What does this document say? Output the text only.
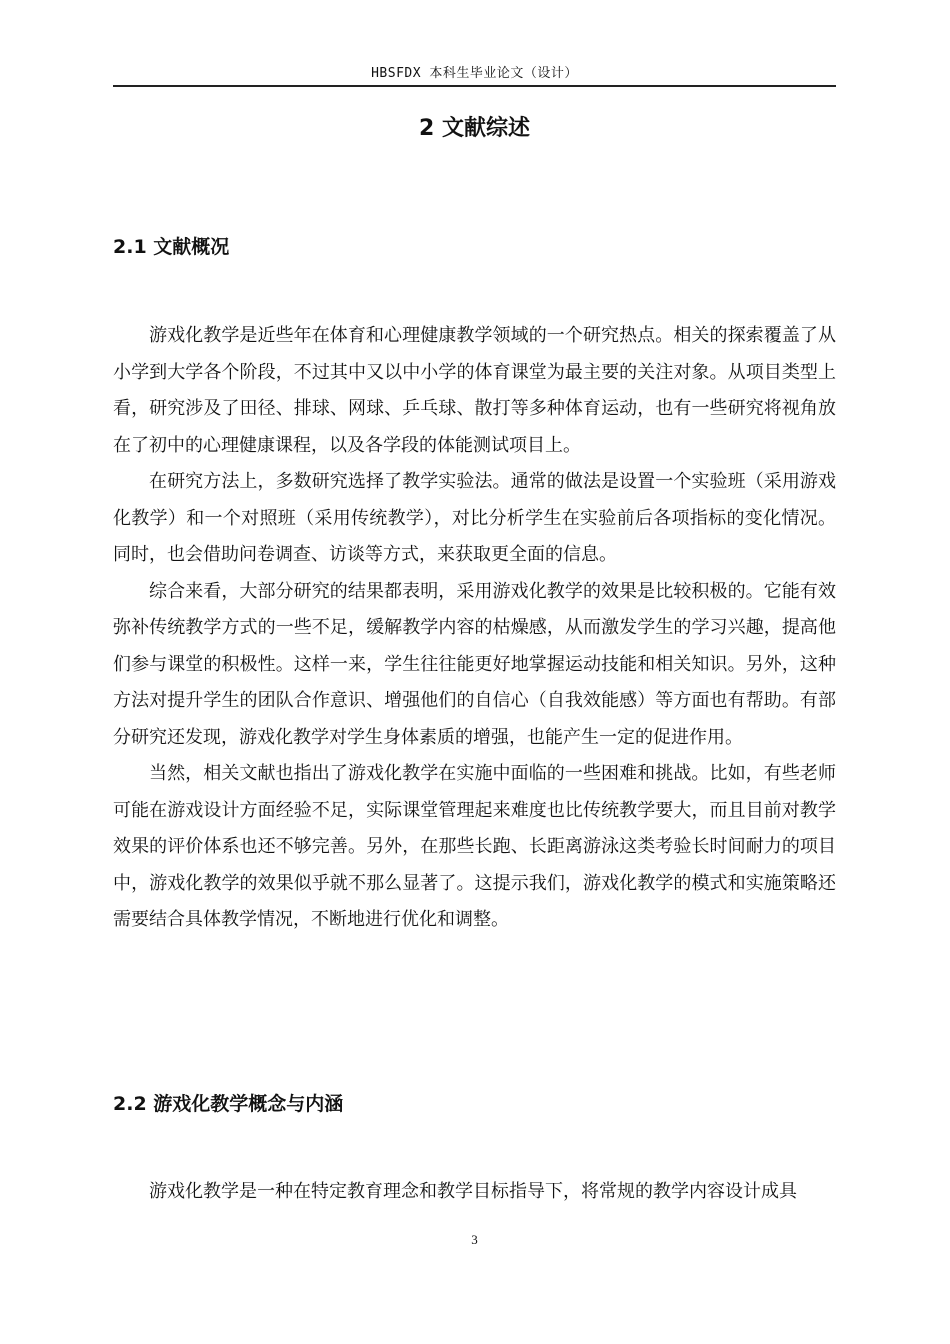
HBSFDX 本科生毕业论文（设计）
2 文献综述
2.1 文献概况

游戏化教学是近些年在体育和心理健康教学领域的一个研究热点。相关的探索覆盖了从小学到大学各个阶段，不过其中又以中小学的体育课堂为最主要的关注对象。从项目类型上看，研究涉及了田径、排球、网球、乒乓球、散打等多种体育运动，也有一些研究将视角放在了初中的心理健康课程，以及各学段的体能测试项目上。

在研究方法上，多数研究选择了教学实验法。通常的做法是设置一个实验班（采用游戏化教学）和一个对照班（采用传统教学），对比分析学生在实验前后各项指标的变化情况。同时，也会借助问卷调查、访谈等方式，来获取更全面的信息。

综合来看，大部分研究的结果都表明，采用游戏化教学的效果是比较积极的。它能有效弥补传统教学方式的一些不足，缓解教学内容的枯燥感，从而激发学生的学习兴趣，提高他们参与课堂的积极性。这样一来，学生往往能更好地掌握运动技能和相关知识。另外，这种方法对提升学生的团队合作意识、增强他们的自信心（自我效能感）等方面也有帮助。有部分研究还发现，游戏化教学对学生身体素质的增强，也能产生一定的促进作用。

当然，相关文献也指出了游戏化教学在实施中面临的一些困难和挑战。比如，有些老师可能在游戏设计方面经验不足，实际课堂管理起来难度也比传统教学要大，而且目前对教学效果的评价体系也还不够完善。另外，在那些长跑、长距离游泳这类考验长时间耐力的项目中，游戏化教学的效果似乎就不那么显著了。这提示我们，游戏化教学的模式和实施策略还需要结合具体教学情况，不断地进行优化和调整。

2.2 游戏化教学概念与内涵

游戏化教学是一种在特定教育理念和教学目标指导下，将常规的教学内容设计成具

3
